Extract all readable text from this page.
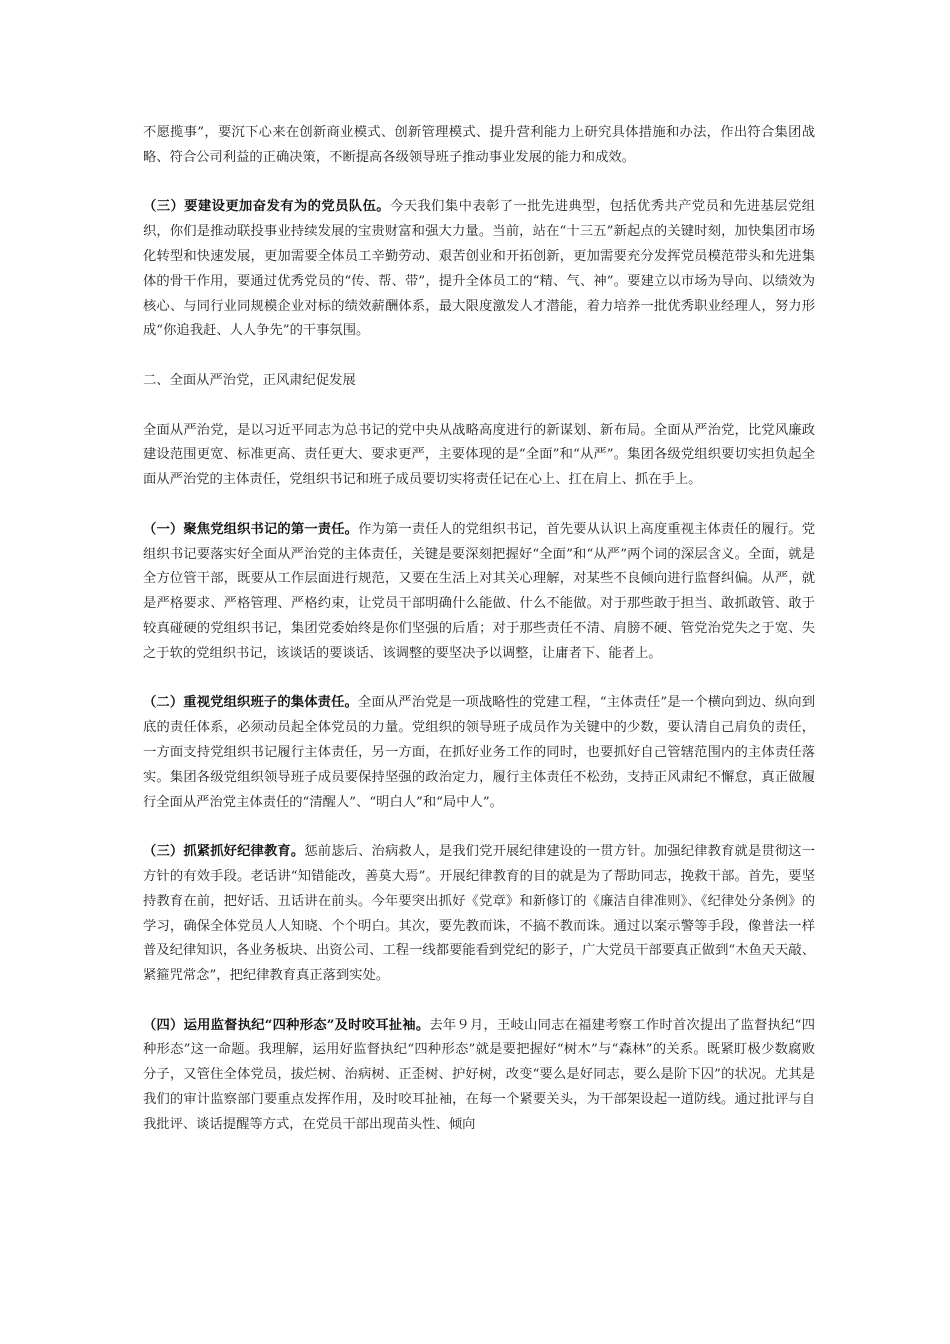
不愿揽事”，要沉下心来在创新商业模式、创新管理模式、提升营利能力上研究具体措施和办法，作出符合集团战略、符合公司利益的正确决策，不断提高各级领导班子推动事业发展的能力和成效。

（三）要建设更加奋发有为的党员队伍。今天我们集中表彰了一批先进典型，包括优秀共产党员和先进基层党组织，你们是推动联投事业持续发展的宝贵财富和强大力量。当前，站在“十三五”新起点的关键时刻，加快集团市场化转型和快速发展，更加需要全体员工辛勤劳动、艰苦创业和开拓创新，更加需要充分发挥党员模范带头和先进集体的骨干作用，要通过优秀党员的“传、帮、带”，提升全体员工的“精、气、神”。要建立以市场为导向、以绩效为核心、与同行业同规模企业对标的绩效薪酬体系，最大限度激发人才潜能，着力培养一批优秀职业经理人，努力形成“你追我赶、人人争先”的干事氛围。

二、全面从严治党，正风肃纪促发展

全面从严治党，是以习近平同志为总书记的党中央从战略高度进行的新谋划、新布局。全面从严治党，比党风廉政建设范围更宽、标准更高、责任更大、要求更严，主要体现的是“全面”和“从严”。集团各级党组织要切实担负起全面从严治党的主体责任，党组织书记和班子成员要切实将责任记在心上、扛在肩上、抓在手上。

（一）聚焦党组织书记的第一责任。作为第一责任人的党组织书记，首先要从认识上高度重视主体责任的履行。党组织书记要落实好全面从严治党的主体责任，关键是要深刻把握好“全面”和“从严”两个词的深层含义。全面，就是全方位管干部，既要从工作层面进行规范，又要在生活上对其关心理解，对某些不良倾向进行监督纠偏。从严，就是严格要求、严格管理、严格约束，让党员干部明确什么能做、什么不能做。对于那些敢于担当、敢抓敢管、敢于较真碰硬的党组织书记，集团党委始终是你们坚强的后盾；对于那些责任不清、肩膀不硬、管党治党失之于宽、失之于软的党组织书记，该谈话的要谈话、该调整的要坚决予以调整，让庸者下、能者上。

（二）重视党组织班子的集体责任。全面从严治党是一项战略性的党建工程，“主体责任”是一个横向到边、纵向到底的责任体系，必须动员起全体党员的力量。党组织的领导班子成员作为关键中的少数，要认清自己肩负的责任，一方面支持党组织书记履行主体责任，另一方面，在抓好业务工作的同时，也要抓好自己管辖范围内的主体责任落实。集团各级党组织领导班子成员要保持坚强的政治定力，履行主体责任不松劲，支持正风肃纪不懈怠，真正做履行全面从严治党主体责任的“清醒人”、“明白人”和“局中人”。

（三）抓紧抓好纪律教育。惩前毖后、治病救人，是我们党开展纪律建设的一贯方针。加强纪律教育就是贯彻这一方针的有效手段。老话讲“知错能改，善莫大焉”。开展纪律教育的目的就是为了帮助同志，挽救干部。首先，要坚持教育在前，把好话、丑话讲在前头。今年要突出抓好《党章》和新修订的《廉洁自律准则》、《纪律处分条例》的学习，确保全体党员人人知晓、个个明白。其次，要先教而诛，不搞不教而诛。通过以案示警等手段，像普法一样普及纪律知识，各业务板块、出资公司、工程一线都要能看到党纪的影子，广大党员干部要真正做到“木鱼天天敲、紧箍咒常念”，把纪律教育真正落到实处。

（四）运用监督执纪“四种形态”及时咬耳扯袖。去年９月，王岐山同志在福建考察工作时首次提出了监督执纪“四种形态”这一命题。我理解，运用好监督执纪“四种形态”就是要把握好“树木”与“森林”的关系。既紧盯极少数腐败分子，又管住全体党员，拔烂树、治病树、正歪树、护好树，改变“要么是好同志，要么是阶下囚”的状况。尤其是我们的审计监察部门要重点发挥作用，及时咬耳扯袖，在每一个紧要关头，为干部架设起一道防线。通过批评与自我批评、谈话提醒等方式，在党员干部出现苗头性、倾向
